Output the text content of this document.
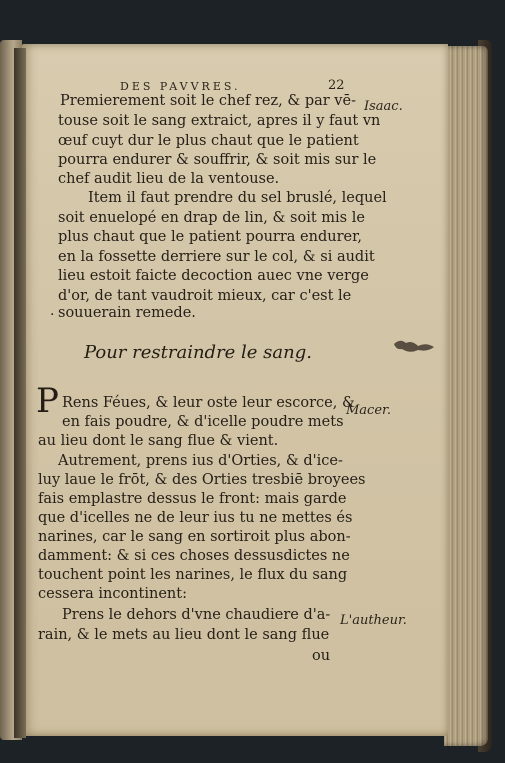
DES PAVVRES.	22
Isaac.
Macer.
L'autheur.
Premierement soit le chef rez, & par vē-
touse soit le sang extraict, apres il y faut vn
œuf cuyt dur le plus chaut que le patient
pourra endurer & souffrir, & soit mis sur le
chef audit lieu de la ventouse.
Item il faut prendre du sel bruslé, lequel
soit enuelopé en drap de lin, & soit mis le
plus chaut que le patient pourra endurer,
en la fossette derriere sur le col, & si audit
lieu estoit faicte decoction auec vne verge
d'or, de tant vaudroit mieux, car c'est le
souuerain remede.
.
Pour restraindre le sang.
P Rens Féues, & leur oste leur escorce, &
en fais poudre, & d'icelle poudre mets
au lieu dont le sang flue & vient.
Autrement, prens ius d'Orties, & d'ice-
luy laue le frōt, & des Orties tresbiē broyees
fais emplastre dessus le front: mais garde
que d'icelles ne de leur ius tu ne mettes és
narines, car le sang en sortiroit plus abon-
damment: & si ces choses dessusdictes ne
touchent point les narines, le flux du sang
cessera incontinent:
Prens le dehors d'vne chaudiere d'a-
rain, & le mets au lieu dont le sang flue
ou
